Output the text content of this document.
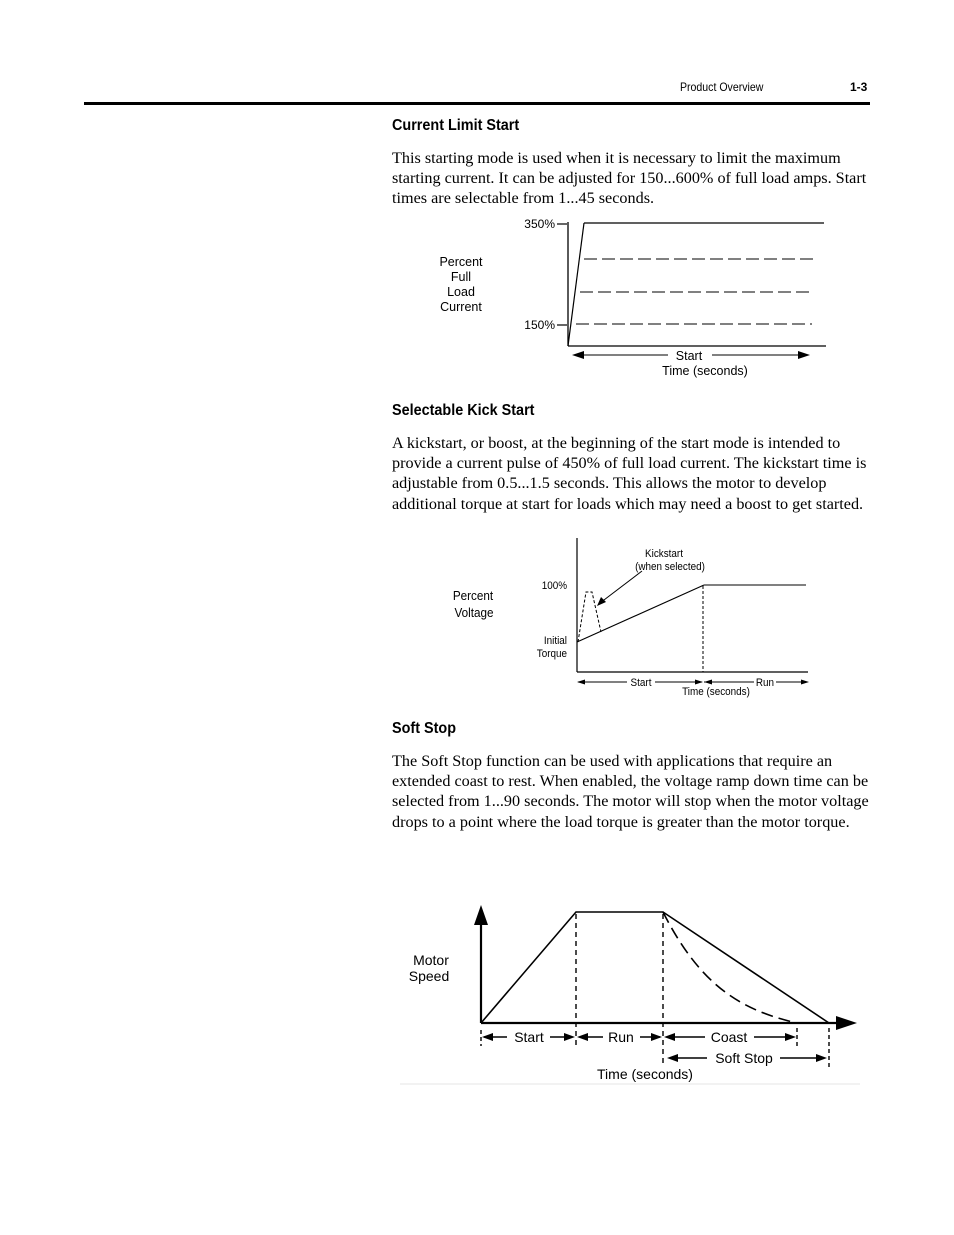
Product Overview	1-3
Current Limit Start

This starting mode is used when it is necessary to limit the maximum starting current. It can be adjusted for 150...600% of full load amps. Start times are selectable from 1...45 seconds.

Percent
Full
Load
Current
350%
150%
Start
Time (seconds)
Selectable Kick Start

A kickstart, or boost, at the beginning of the start mode is intended to provide a current pulse of 450% of full load current. The kickstart time is adjustable from 0.5...1.5 seconds. This allows the motor to develop additional torque at start for loads which may need a boost to get started.

Percent
Voltage
100%
Initial
Torque
Kickstart
(when selected)
Start	Run
Time (seconds)
Soft Stop

The Soft Stop function can be used with applications that require an extended coast to rest. When enabled, the voltage ramp down time can be selected from 1...90 seconds. The motor will stop when the motor voltage drops to a point where the load torque is greater than the motor torque.

Motor
Speed
Start	Run	Coast
Soft Stop
Time (seconds)
